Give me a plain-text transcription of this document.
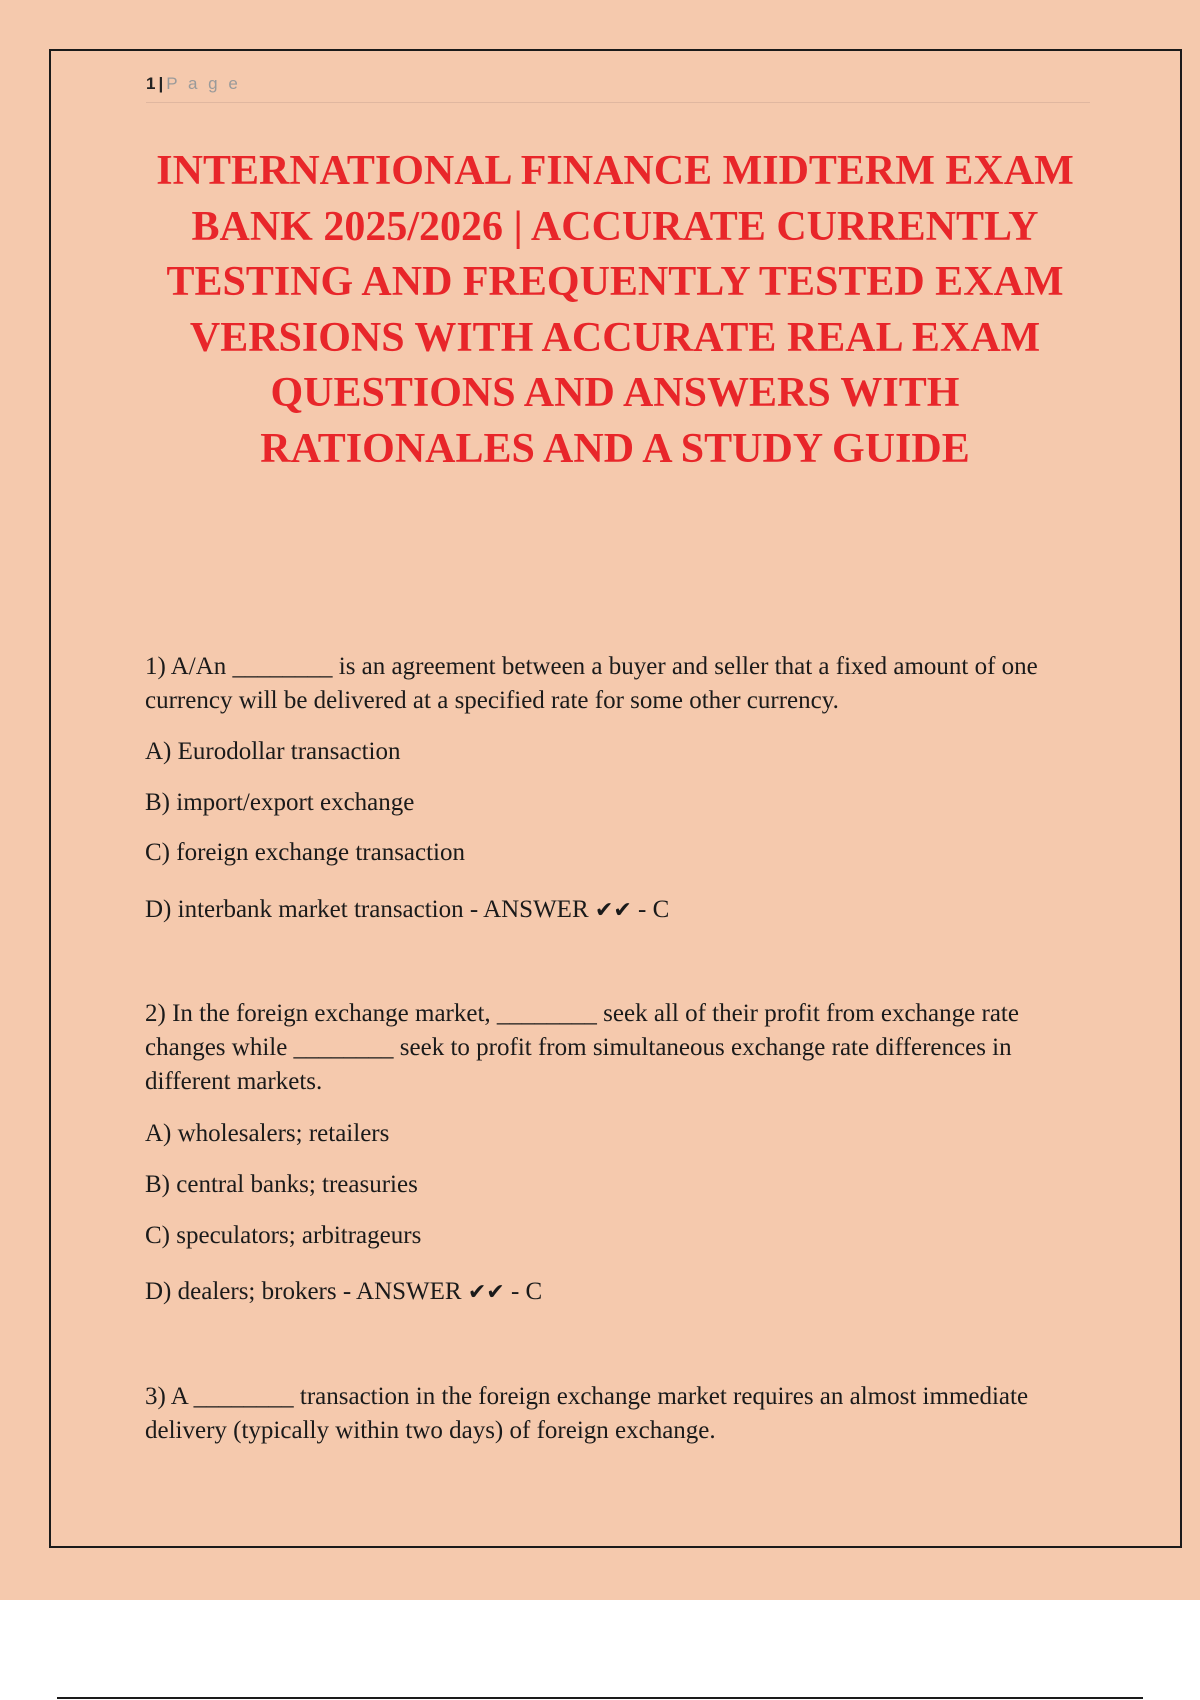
1 | P a g e
INTERNATIONAL FINANCE MIDTERM EXAM BANK 2025/2026 | ACCURATE CURRENTLY TESTING AND FREQUENTLY TESTED EXAM VERSIONS WITH ACCURATE REAL EXAM QUESTIONS AND ANSWERS WITH RATIONALES AND A STUDY GUIDE

1) A/An ________ is an agreement between a buyer and seller that a fixed amount of one currency will be delivered at a specified rate for some other currency.

A) Eurodollar transaction

B) import/export exchange

C) foreign exchange transaction

D) interbank market transaction - ANSWER ✔✔ - C

2) In the foreign exchange market, ________ seek all of their profit from exchange rate changes while ________ seek to profit from simultaneous exchange rate differences in different markets.

A) wholesalers; retailers

B) central banks; treasuries

C) speculators; arbitrageurs

D) dealers; brokers - ANSWER ✔✔ - C

3) A ________ transaction in the foreign exchange market requires an almost immediate delivery (typically within two days) of foreign exchange.
